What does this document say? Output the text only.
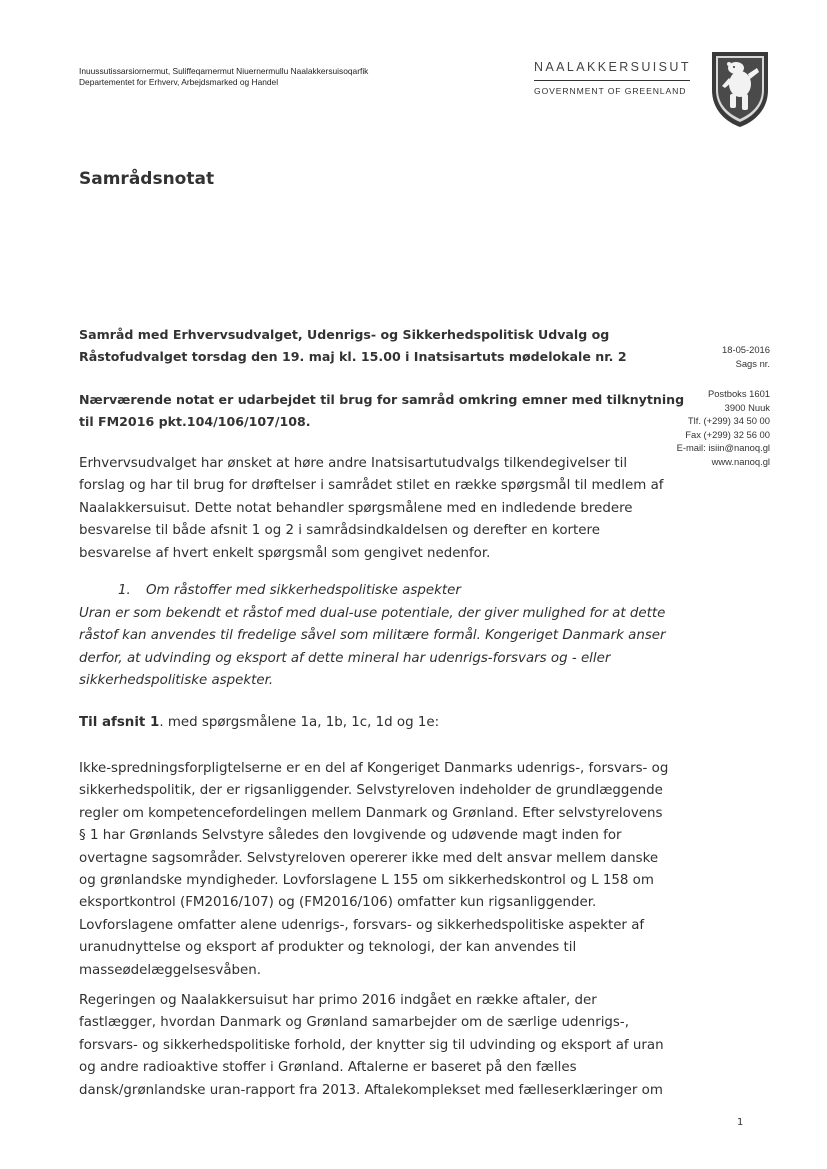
Inuussutissarsiornermut, Suliffeqarnermut Niuernermullu Naalakkersuisoqarfik
Departementet for Erhverv, Arbejdsmarked og Handel
NAALAKKERSUISUT
GOVERNMENT OF GREENLAND
Samrådsnotat
Samråd med Erhvervsudvalget, Udenrigs- og Sikkerhedspolitisk Udvalg og
Råstofudvalget torsdag den 19. maj kl. 15.00 i Inatsisartuts mødelokale nr. 2	18-05-2016
Sags nr.
Postboks 1601
3900 Nuuk
Tlf. (+299) 34 50 00
Fax (+299) 32 56 00
E-mail: isiin@nanoq.gl
www.nanoq.gl
Nærværende notat er udarbejdet til brug for samråd omkring emner med tilknytning
til FM2016 pkt.104/106/107/108.
Erhvervsudvalget har ønsket at høre andre Inatsisartutudvalgs tilkendegivelser til
forslag og har til brug for drøftelser i samrådet stilet en række spørgsmål til medlem af
Naalakkersuisut. Dette notat behandler spørgsmålene med en indledende bredere
besvarelse til både afsnit 1 og 2 i samrådsindkaldelsen og derefter en kortere
besvarelse af hvert enkelt spørgsmål som gengivet nedenfor.
1. Om råstoffer med sikkerhedspolitiske aspekter
Uran er som bekendt et råstof med dual-use potentiale, der giver mulighed for at dette
råstof kan anvendes til fredelige såvel som militære formål. Kongeriget Danmark anser
derfor, at udvinding og eksport af dette mineral har udenrigs-forsvars og - eller
sikkerhedspolitiske aspekter.
Til afsnit 1. med spørgsmålene 1a, 1b, 1c, 1d og 1e:
Ikke-spredningsforpligtelserne er en del af Kongeriget Danmarks udenrigs-, forsvars- og
sikkerhedspolitik, der er rigsanliggender. Selvstyreloven indeholder de grundlæggende
regler om kompetencefordelingen mellem Danmark og Grønland. Efter selvstyrelovens
§ 1 har Grønlands Selvstyre således den lovgivende og udøvende magt inden for
overtagne sagsområder. Selvstyreloven opererer ikke med delt ansvar mellem danske
og grønlandske myndigheder. Lovforslagene L 155 om sikkerhedskontrol og L 158 om
eksportkontrol (FM2016/107) og (FM2016/106) omfatter kun rigsanliggender.
Lovforslagene omfatter alene udenrigs-, forsvars- og sikkerhedspolitiske aspekter af
uranudnyttelse og eksport af produkter og teknologi, der kan anvendes til
masseødelæggelsesvåben.
Regeringen og Naalakkersuisut har primo 2016 indgået en række aftaler, der
fastlægger, hvordan Danmark og Grønland samarbejder om de særlige udenrigs-,
forsvars- og sikkerhedspolitiske forhold, der knytter sig til udvinding og eksport af uran
og andre radioaktive stoffer i Grønland. Aftalerne er baseret på den fælles
dansk/grønlandske uran-rapport fra 2013. Aftalekomplekset med fælleserklæringer om
1
